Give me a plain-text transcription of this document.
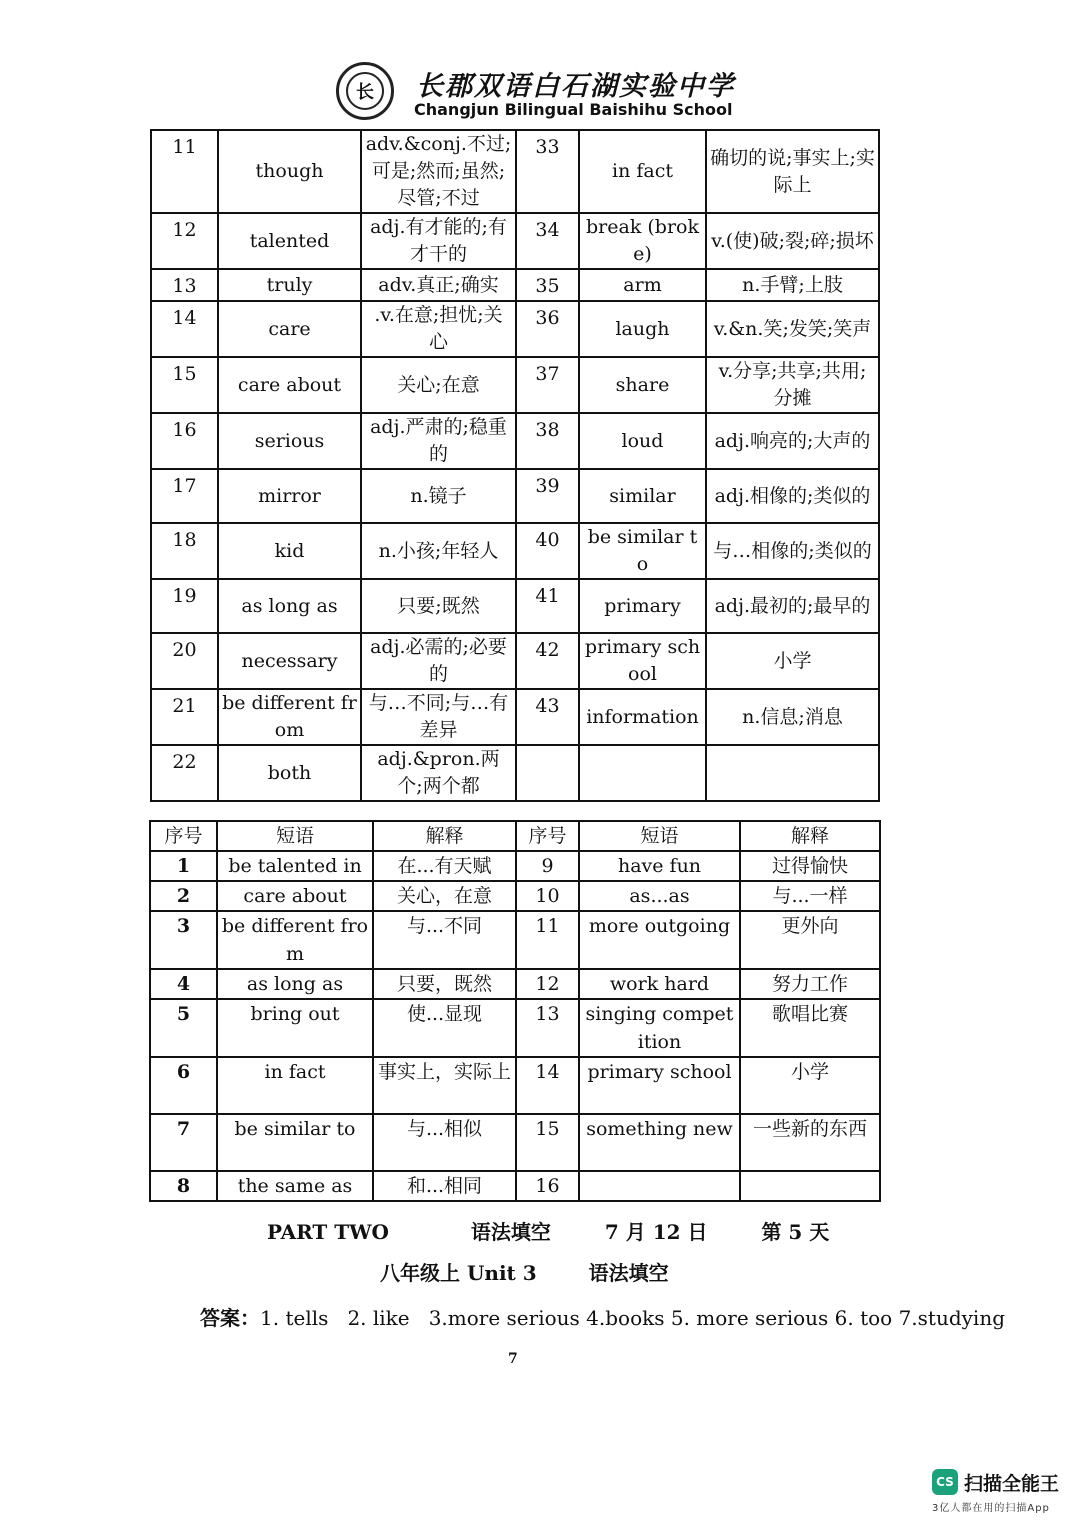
长	长郡双语白石湖实验中学
Changjun Bilingual Baishihu School
11	though	adv.&conj.不过;可是;然而;虽然;尽管;不过	33	in fact	确切的说;事实上;实际上
12	talented	adj.有才能的;有才干的	34	break (broke)	v.(使)破;裂;碎;损坏
13	truly	adv.真正;确实	35	arm	n.手臂;上肢
14	care	.v.在意;担忧;关心	36	laugh	v.&n.笑;发笑;笑声
15	care about	关心;在意	37	share	v.分享;共享;共用;分摊
16	serious	adj.严肃的;稳重的	38	loud	adj.响亮的;大声的
17	mirror	n.镜子	39	similar	adj.相像的;类似的
18	kid	n.小孩;年轻人	40	be similar to	与…相像的;类似的
19	as long as	只要;既然	41	primary	adj.最初的;最早的
20	necessary	adj.必需的;必要的	42	primary school	小学
21	be different from	与…不同;与…有差异	43	information	n.信息;消息
22	both	adj.&pron.两个;两个都			
序号	短语	解释	序号	短语	解释
1	be talented in	在...有天赋	9	have fun	过得愉快
2	care about	关心，在意	10	as...as	与...一样
3	be different from	与...不同	11	more outgoing	更外向
4	as long as	只要，既然	12	work hard	努力工作
5	bring out	使...显现	13	singing competition	歌唱比赛
6	in fact	事实上，实际上	14	primary school	小学
7	be similar to	与...相似	15	something new	一些新的东西
8	the same as	和...相同	16		
PART TWO	语法填空	7 月 12 日	第 5 天
八年级上 Unit 3	语法填空
答案：1. tells   2. like   3.more serious 4.books 5. more serious 6. too 7.studying
7
CS 扫描全能王
3亿人都在用的扫描App
